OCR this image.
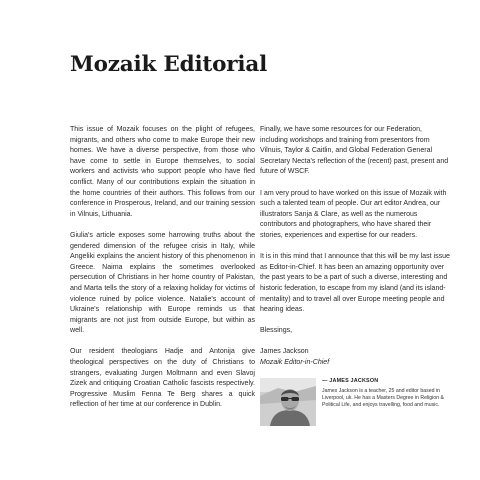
Mozaik Editorial

This issue of Mozaik focuses on the plight of refugees, migrants, and others who come to make Europe their new homes. We have a diverse perspective, from those who have come to settle in Europe themselves, to social workers and activists who support people who have fled conflict. Many of our contributions explain the situation in the home countries of their authors. This follows from our conference in Prosperous, Ireland, and our training session in Vilnuis, Lithuania.

Giulia's article exposes some harrowing truths about the gendered dimension of the refugee crisis in Italy, while Angeliki explains the ancient history of this phenomenon in Greece. Naima explains the sometimes overlooked persecution of Christians in her home country of Pakistan, and Marta tells the story of a relaxing holiday for victims of violence ruined by police violence. Natalie's account of Ukraine's relationship with Europe reminds us that migrants are not just from outside Europe, but within as well.

Our resident theologians Hadje and Antonija give theological perspectives on the duty of Christians to strangers, evaluating Jurgen Moltmann and even Slavoj Zizek and critiquing Croatian Catholic fascists respectively. Progressive Muslim Fenna Te Berg shares a quick reflection of her time at our conference in Dublin.

Finally, we have some resources for our Federation, including workshops and training from presentors from Vilnuis, Taylor & Caitlin, and Global Federation General Secretary Necta's reflection of the (recent) past, present and future of WSCF.

I am very proud to have worked on this issue of Mozaik with such a talented team of people. Our art editor Andrea, our illustrators Sanja & Clare, as well as the numerous contributors and photographers, who have shared their stories, experiences and expertise for our readers.

It is in this mind that I announce that this will be my last issue as Editor-in-Chief. It has been an amazing opportunity over the past years to be a part of such a diverse, interesting and historic federation, to escape from my island (and its island-mentality) and to travel all over Europe meeting people and hearing ideas.

Blessings,

James Jackson
Mozaik Editor-in-Chief
— JAMES JACKSON
James Jackson is a teacher, 25 and editor based in Liverpool, uk. He has a Masters Degree in Religion & Political Life, and enjoys travelling, food and music.
